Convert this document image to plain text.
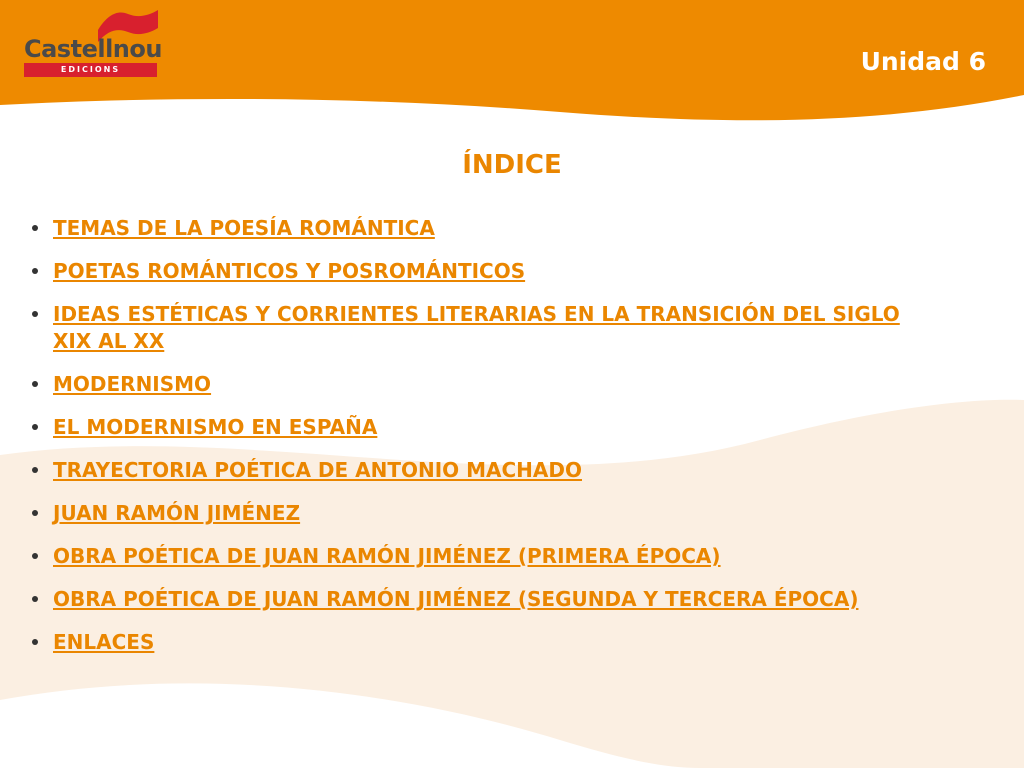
Castellnou
EDICIONS	Unidad 6
ÍNDICE
TEMAS DE LA POESÍA ROMÁNTICA
POETAS ROMÁNTICOS Y POSROMÁNTICOS
IDEAS ESTÉTICAS Y CORRIENTES LITERARIAS EN LA TRANSICIÓN DEL SIGLO XIX AL XX
MODERNISMO
EL MODERNISMO EN ESPAÑA
TRAYECTORIA POÉTICA DE ANTONIO MACHADO
JUAN RAMÓN JIMÉNEZ
OBRA POÉTICA DE JUAN RAMÓN JIMÉNEZ (PRIMERA ÉPOCA)
OBRA POÉTICA DE JUAN RAMÓN JIMÉNEZ (SEGUNDA Y TERCERA ÉPOCA)
ENLACES
